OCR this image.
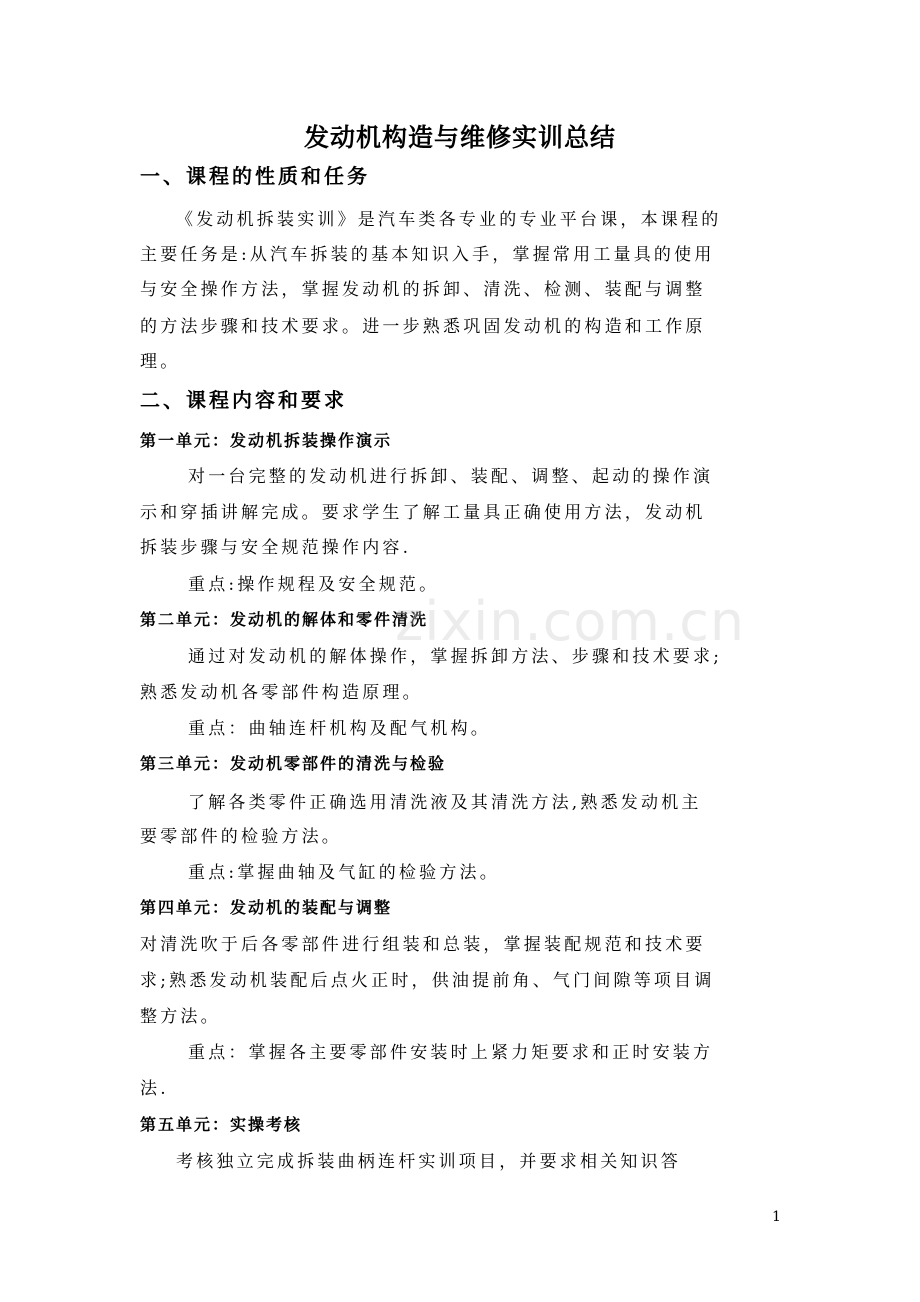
发动机构造与维修实训总结
一、课程的性质和任务
《发动机拆装实训》是汽车类各专业的专业平台课，本课程的
主要任务是:从汽车拆装的基本知识入手，掌握常用工量具的使用
与安全操作方法，掌握发动机的拆卸、清洗、检测、装配与调整
的方法步骤和技术要求。进一步熟悉巩固发动机的构造和工作原
理。
二、课程内容和要求
第一单元：发动机拆装操作演示
对一台完整的发动机进行拆卸、装配、调整、起动的操作演
示和穿插讲解完成。要求学生了解工量具正确使用方法，发动机
拆装步骤与安全规范操作内容.
重点:操作规程及安全规范。
第二单元：发动机的解体和零件清洗
通过对发动机的解体操作，掌握拆卸方法、步骤和技术要求;
熟悉发动机各零部件构造原理。
重点：曲轴连杆机构及配气机构。
第三单元：发动机零部件的清洗与检验
了解各类零件正确选用清洗液及其清洗方法,熟悉发动机主
要零部件的检验方法。
重点:掌握曲轴及气缸的检验方法。
第四单元：发动机的装配与调整
对清洗吹于后各零部件进行组装和总装，掌握装配规范和技术要
求;熟悉发动机装配后点火正时，供油提前角、气门间隙等项目调
整方法。
重点：掌握各主要零部件安装时上紧力矩要求和正时安装方
法.
第五单元：实操考核
考核独立完成拆装曲柄连杆实训项目，并要求相关知识答
zixin.com.cn
1
